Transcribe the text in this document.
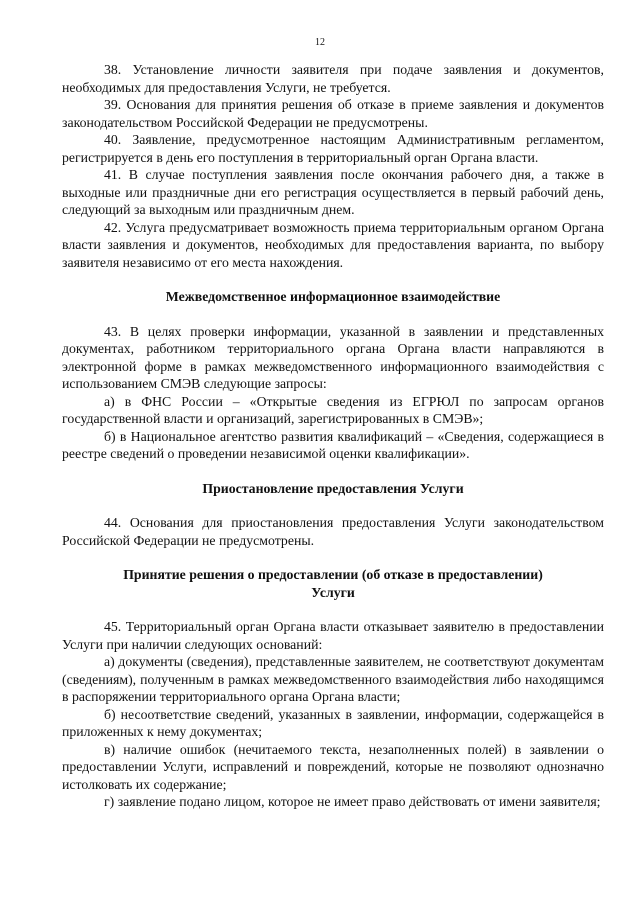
12

38. Установление личности заявителя при подаче заявления и документов, необходимых для предоставления Услуги, не требуется.

39. Основания для принятия решения об отказе в приеме заявления и документов законодательством Российской Федерации не предусмотрены.

40. Заявление, предусмотренное настоящим Административным регламентом, регистрируется в день его поступления в территориальный орган Органа власти.

41. В случае поступления заявления после окончания рабочего дня, а также в выходные или праздничные дни его регистрация осуществляется в первый рабочий день, следующий за выходным или праздничным днем.

42. Услуга предусматривает возможность приема территориальным органом Органа власти заявления и документов, необходимых для предоставления варианта, по выбору заявителя независимо от его места нахождения.

Межведомственное информационное взаимодействие

43. В целях проверки информации, указанной в заявлении и представленных документах, работником территориального органа Органа власти направляются в электронной форме в рамках межведомственного информационного взаимодействия с использованием СМЭВ следующие запросы:

а) в ФНС России – «Открытые сведения из ЕГРЮЛ по запросам органов государственной власти и организаций, зарегистрированных в СМЭВ»;

б) в Национальное агентство развития квалификаций – «Сведения, содержащиеся в реестре сведений о проведении независимой оценки квалификации».

Приостановление предоставления Услуги

44. Основания для приостановления предоставления Услуги законодательством Российской Федерации не предусмотрены.

Принятие решения о предоставлении (об отказе в предоставлении)
Услуги

45. Территориальный орган Органа власти отказывает заявителю в предоставлении Услуги при наличии следующих оснований:

а) документы (сведения), представленные заявителем, не соответствуют документам (сведениям), полученным в рамках межведомственного взаимодействия либо находящимся в распоряжении территориального органа Органа власти;

б) несоответствие сведений, указанных в заявлении, информации, содержащейся в приложенных к нему документах;

в) наличие ошибок (нечитаемого текста, незаполненных полей) в заявлении о предоставлении Услуги, исправлений и повреждений, которые не позволяют однозначно истолковать их содержание;

г) заявление подано лицом, которое не имеет право действовать от имени заявителя;
